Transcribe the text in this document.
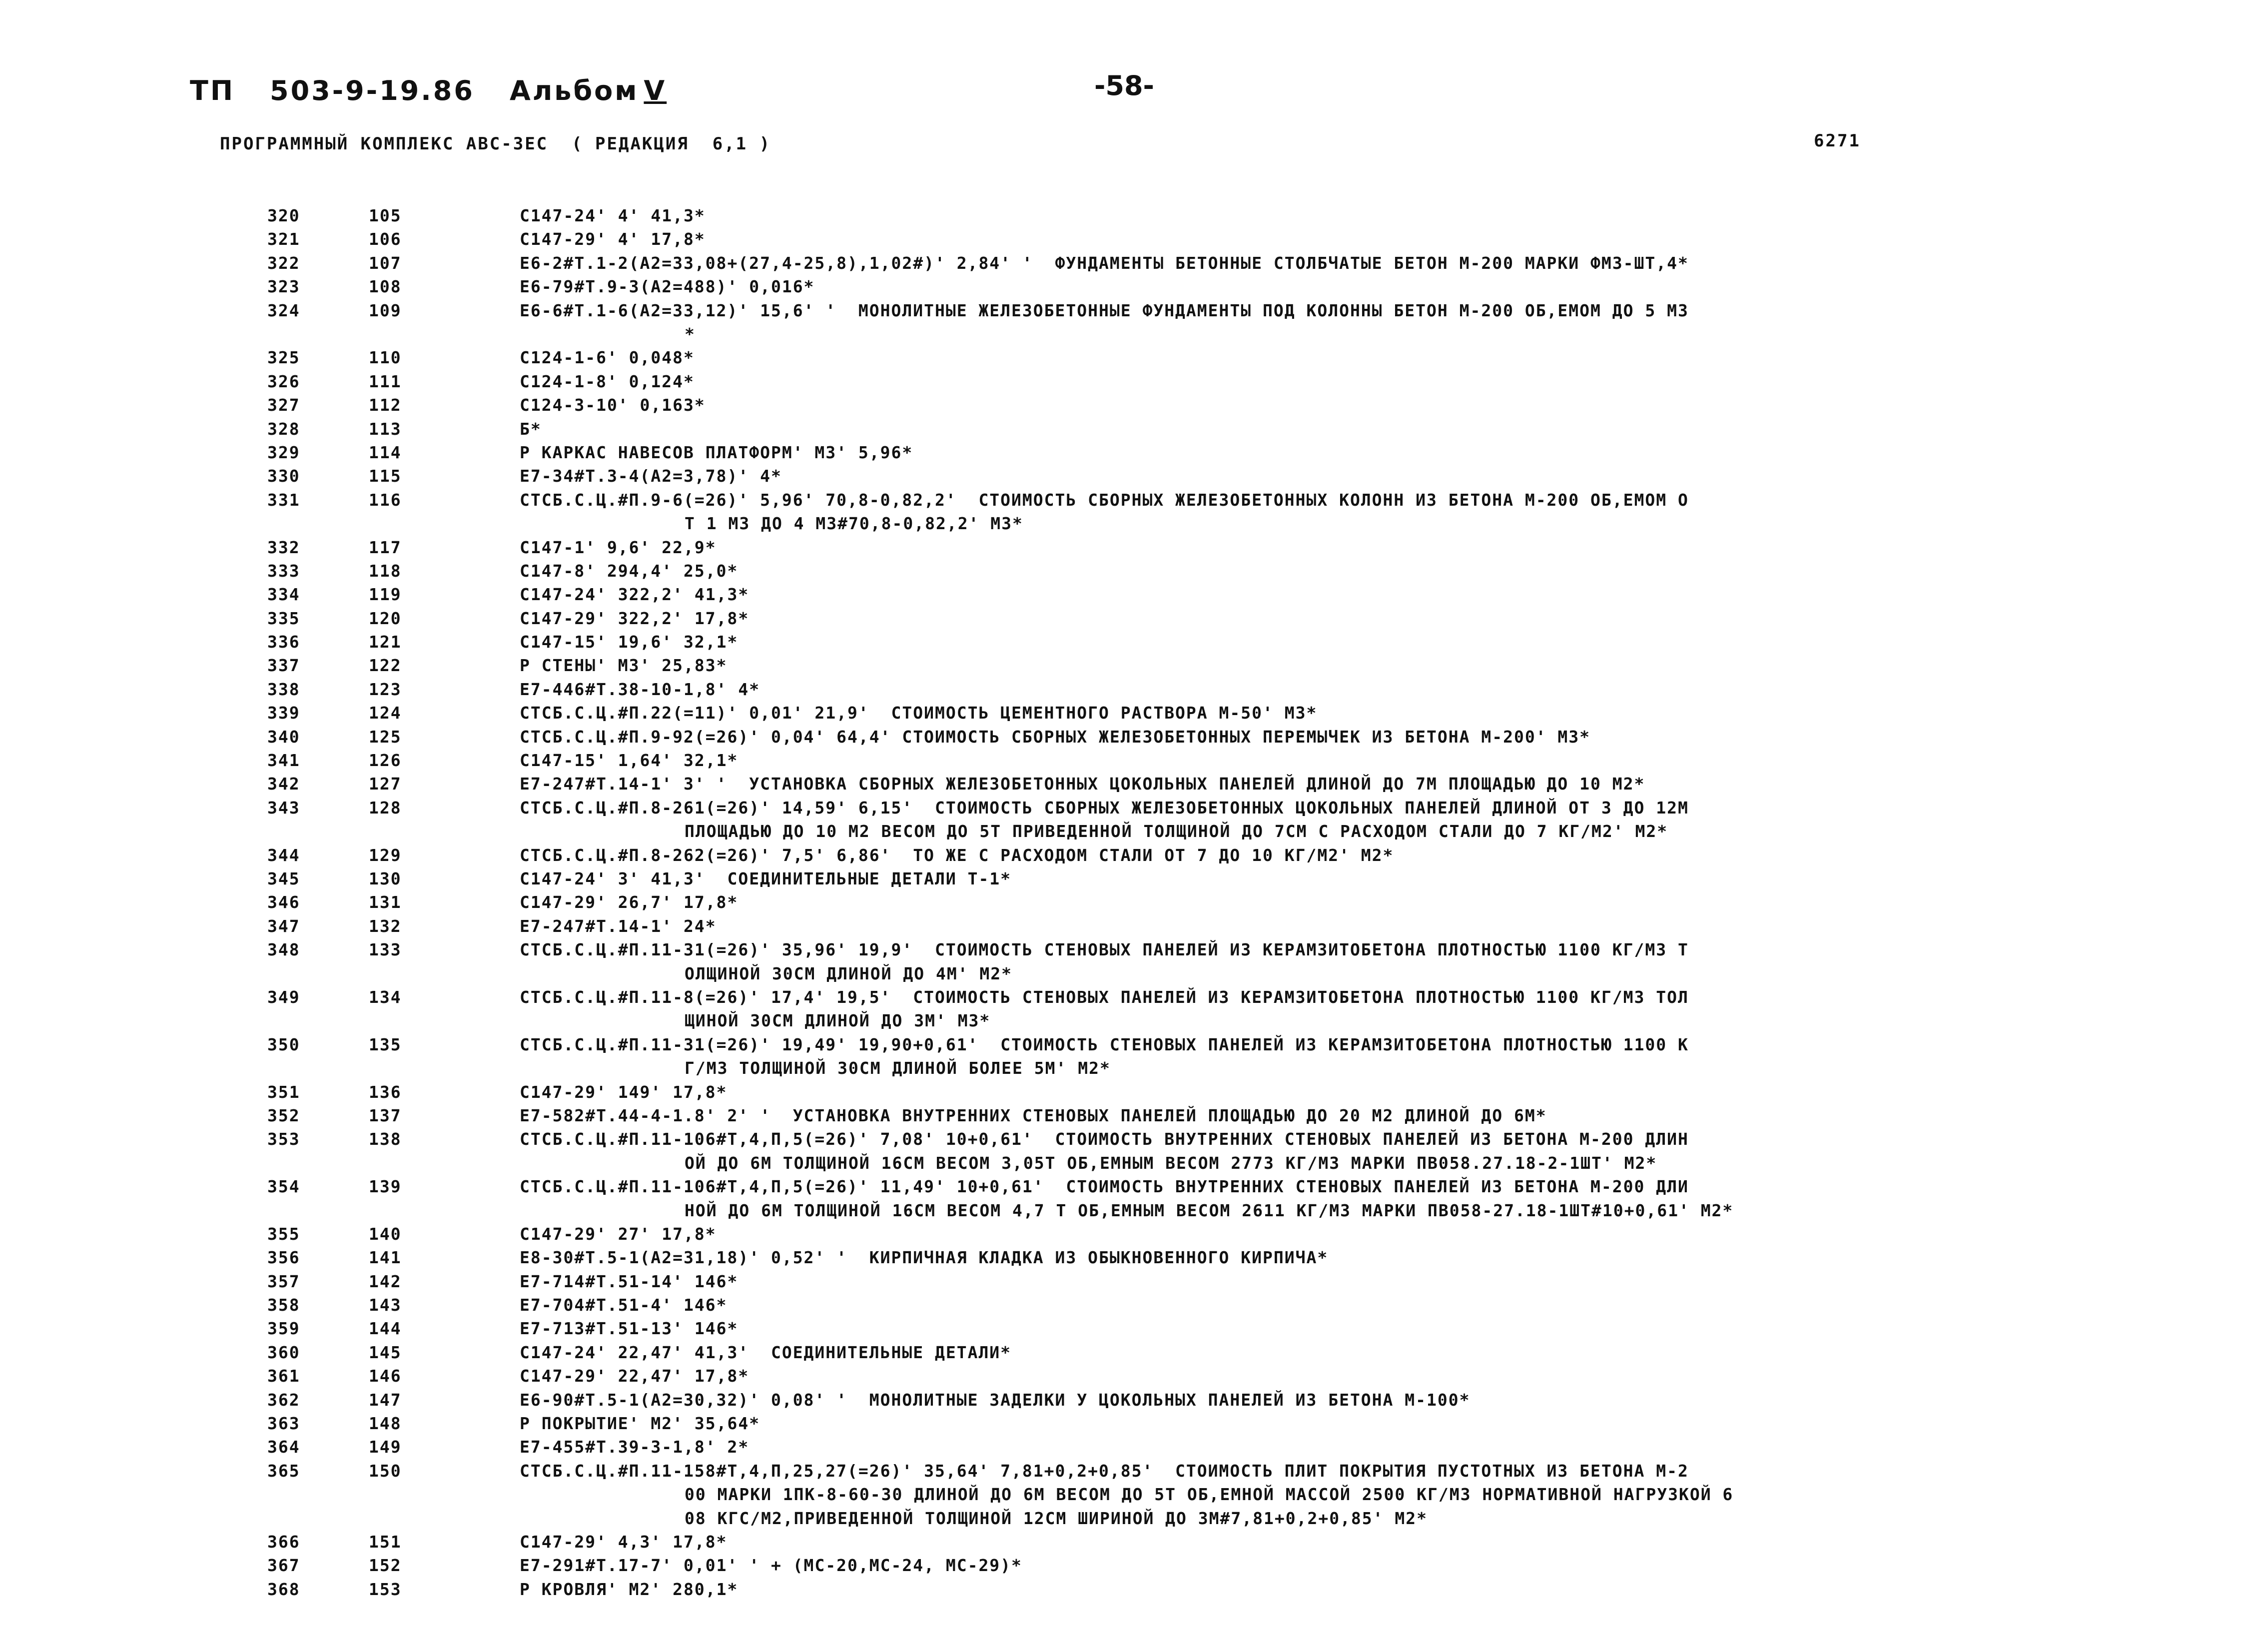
ТП 503-9-19.86 Альбом V	-58-
ПРОГРАММНЫЙ КОМПЛЕКС АВС-3ЕС  ( РЕДАКЦИЯ  6,1 )	6271
320	105	С147-24' 4' 41,3*
321	106	С147-29' 4' 17,8*
322	107	Е6-2#Т.1-2(А2=33,08+(27,4-25,8),1,02#)' 2,84' '  ФУНДАМЕНТЫ БЕТОННЫЕ СТОЛБЧАТЫЕ БЕТОН М-200 МАРКИ ФМ3-ШТ,4*
323	108	Е6-79#Т.9-3(А2=488)' 0,016*
324	109	Е6-6#Т.1-6(А2=33,12)' 15,6' '  МОНОЛИТНЫЕ ЖЕЛЕЗОБЕТОННЫЕ ФУНДАМЕНТЫ ПОД КОЛОННЫ БЕТОН М-200 ОБ,ЕМОМ ДО 5 М3
*
325	110	С124-1-6' 0,048*
326	111	С124-1-8' 0,124*
327	112	С124-3-10' 0,163*
328	113	Б*
329	114	Р КАРКАС НАВЕСОВ ПЛАТФОРМ' М3' 5,96*
330	115	Е7-34#Т.3-4(А2=3,78)' 4*
331	116	СТСБ.С.Ц.#П.9-6(=26)' 5,96' 70,8-0,82,2'  СТОИМОСТЬ СБОРНЫХ ЖЕЛЕЗОБЕТОННЫХ КОЛОНН ИЗ БЕТОНА М-200 ОБ,ЕМОМ О
Т 1 М3 ДО 4 М3#70,8-0,82,2' М3*
332	117	С147-1' 9,6' 22,9*
333	118	С147-8' 294,4' 25,0*
334	119	С147-24' 322,2' 41,3*
335	120	С147-29' 322,2' 17,8*
336	121	С147-15' 19,6' 32,1*
337	122	Р СТЕНЫ' М3' 25,83*
338	123	Е7-446#Т.38-10-1,8' 4*
339	124	СТСБ.С.Ц.#П.22(=11)' 0,01' 21,9'  СТОИМОСТЬ ЦЕМЕНТНОГО РАСТВОРА М-50' М3*
340	125	СТСБ.С.Ц.#П.9-92(=26)' 0,04' 64,4' СТОИМОСТЬ СБОРНЫХ ЖЕЛЕЗОБЕТОННЫХ ПЕРЕМЫЧЕК ИЗ БЕТОНА М-200' М3*
341	126	С147-15' 1,64' 32,1*
342	127	Е7-247#Т.14-1' 3' '  УСТАНОВКА СБОРНЫХ ЖЕЛЕЗОБЕТОННЫХ ЦОКОЛЬНЫХ ПАНЕЛЕЙ ДЛИНОЙ ДО 7М ПЛОЩАДЬЮ ДО 10 М2*
343	128	СТСБ.С.Ц.#П.8-261(=26)' 14,59' 6,15'  СТОИМОСТЬ СБОРНЫХ ЖЕЛЕЗОБЕТОННЫХ ЦОКОЛЬНЫХ ПАНЕЛЕЙ ДЛИНОЙ ОТ 3 ДО 12М
ПЛОЩАДЬЮ ДО 10 М2 ВЕСОМ ДО 5Т ПРИВЕДЕННОЙ ТОЛЩИНОЙ ДО 7СМ С РАСХОДОМ СТАЛИ ДО 7 КГ/М2' М2*
344	129	СТСБ.С.Ц.#П.8-262(=26)' 7,5' 6,86'  ТО ЖЕ С РАСХОДОМ СТАЛИ ОТ 7 ДО 10 КГ/М2' М2*
345	130	С147-24' 3' 41,3'  СОЕДИНИТЕЛЬНЫЕ ДЕТАЛИ Т-1*
346	131	С147-29' 26,7' 17,8*
347	132	Е7-247#Т.14-1' 24*
348	133	СТСБ.С.Ц.#П.11-31(=26)' 35,96' 19,9'  СТОИМОСТЬ СТЕНОВЫХ ПАНЕЛЕЙ ИЗ КЕРАМЗИТОБЕТОНА ПЛОТНОСТЬЮ 1100 КГ/М3 Т
ОЛЩИНОЙ 30СМ ДЛИНОЙ ДО 4М' М2*
349	134	СТСБ.С.Ц.#П.11-8(=26)' 17,4' 19,5'  СТОИМОСТЬ СТЕНОВЫХ ПАНЕЛЕЙ ИЗ КЕРАМЗИТОБЕТОНА ПЛОТНОСТЬЮ 1100 КГ/М3 ТОЛ
ЩИНОЙ 30СМ ДЛИНОЙ ДО 3М' М3*
350	135	СТСБ.С.Ц.#П.11-31(=26)' 19,49' 19,90+0,61'  СТОИМОСТЬ СТЕНОВЫХ ПАНЕЛЕЙ ИЗ КЕРАМЗИТОБЕТОНА ПЛОТНОСТЬЮ 1100 К
Г/М3 ТОЛЩИНОЙ 30СМ ДЛИНОЙ БОЛЕЕ 5М' М2*
351	136	С147-29' 149' 17,8*
352	137	Е7-582#Т.44-4-1.8' 2' '  УСТАНОВКА ВНУТРЕННИХ СТЕНОВЫХ ПАНЕЛЕЙ ПЛОЩАДЬЮ ДО 20 М2 ДЛИНОЙ ДО 6М*
353	138	СТСБ.С.Ц.#П.11-106#Т,4,П,5(=26)' 7,08' 10+0,61'  СТОИМОСТЬ ВНУТРЕННИХ СТЕНОВЫХ ПАНЕЛЕЙ ИЗ БЕТОНА М-200 ДЛИН
ОЙ ДО 6М ТОЛЩИНОЙ 16СМ ВЕСОМ 3,05Т ОБ,ЕМНЫМ ВЕСОМ 2773 КГ/М3 МАРКИ ПВ058.27.18-2-1ШТ' М2*
354	139	СТСБ.С.Ц.#П.11-106#Т,4,П,5(=26)' 11,49' 10+0,61'  СТОИМОСТЬ ВНУТРЕННИХ СТЕНОВЫХ ПАНЕЛЕЙ ИЗ БЕТОНА М-200 ДЛИ
НОЙ ДО 6М ТОЛЩИНОЙ 16СМ ВЕСОМ 4,7 Т ОБ,ЕМНЫМ ВЕСОМ 2611 КГ/М3 МАРКИ ПВ058-27.18-1ШТ#10+0,61' М2*
355	140	С147-29' 27' 17,8*
356	141	Е8-30#Т.5-1(А2=31,18)' 0,52' '  КИРПИЧНАЯ КЛАДКА ИЗ ОБЫКНОВЕННОГО КИРПИЧА*
357	142	Е7-714#Т.51-14' 146*
358	143	Е7-704#Т.51-4' 146*
359	144	Е7-713#Т.51-13' 146*
360	145	С147-24' 22,47' 41,3'  СОЕДИНИТЕЛЬНЫЕ ДЕТАЛИ*
361	146	С147-29' 22,47' 17,8*
362	147	Е6-90#Т.5-1(А2=30,32)' 0,08' '  МОНОЛИТНЫЕ ЗАДЕЛКИ У ЦОКОЛЬНЫХ ПАНЕЛЕЙ ИЗ БЕТОНА М-100*
363	148	Р ПОКРЫТИЕ' М2' 35,64*
364	149	Е7-455#Т.39-3-1,8' 2*
365	150	СТСБ.С.Ц.#П.11-158#Т,4,П,25,27(=26)' 35,64' 7,81+0,2+0,85'  СТОИМОСТЬ ПЛИТ ПОКРЫТИЯ ПУСТОТНЫХ ИЗ БЕТОНА М-2
00 МАРКИ 1ПК-8-60-30 ДЛИНОЙ ДО 6М ВЕСОМ ДО 5Т ОБ,ЕМНОЙ МАССОЙ 2500 КГ/М3 НОРМАТИВНОЙ НАГРУЗКОЙ 6
08 КГС/М2,ПРИВЕДЕННОЙ ТОЛЩИНОЙ 12СМ ШИРИНОЙ ДО 3М#7,81+0,2+0,85' М2*
366	151	С147-29' 4,3' 17,8*
367	152	Е7-291#Т.17-7' 0,01' ' + (МС-20,МС-24, МС-29)*
368	153	Р КРОВЛЯ' М2' 280,1*
